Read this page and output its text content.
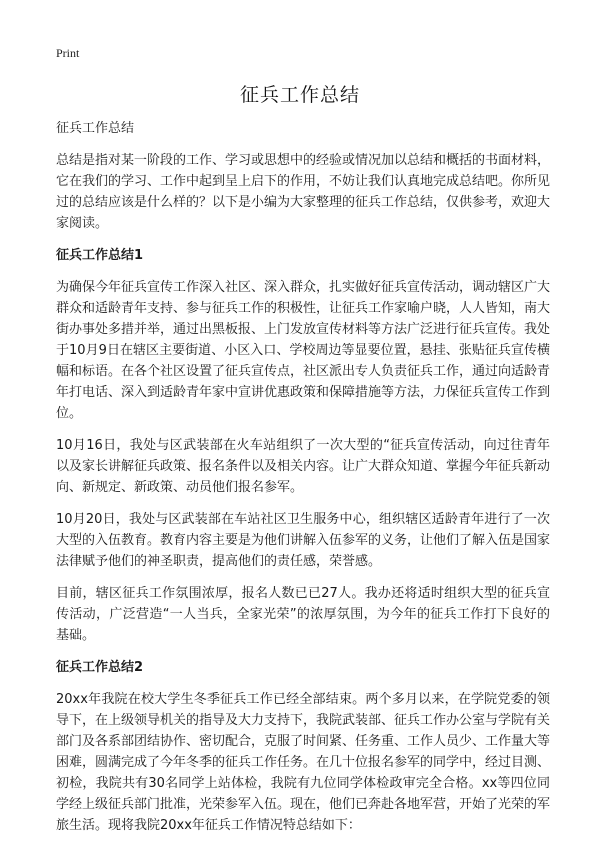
Print
征兵工作总结

征兵工作总结

总结是指对某一阶段的工作、学习或思想中的经验或情况加以总结和概括的书面材料，它在我们的学习、工作中起到呈上启下的作用，不妨让我们认真地完成总结吧。你所见过的总结应该是什么样的？以下是小编为大家整理的征兵工作总结，仅供参考，欢迎大家阅读。

征兵工作总结1

为确保今年征兵宣传工作深入社区、深入群众，扎实做好征兵宣传活动，调动辖区广大群众和适龄青年支持、参与征兵工作的积极性，让征兵工作家喻户晓，人人皆知，南大街办事处多措并举，通过出黑板报、上门发放宣传材料等方法广泛进行征兵宣传。我处于10月9日在辖区主要街道、小区入口、学校周边等显要位置，悬挂、张贴征兵宣传横幅和标语。在各个社区设置了征兵宣传点，社区派出专人负责征兵工作，通过向适龄青年打电话、深入到适龄青年家中宣讲优惠政策和保障措施等方法，力保征兵宣传工作到位。

10月16日，我处与区武装部在火车站组织了一次大型的“征兵宣传活动，向过往青年以及家长讲解征兵政策、报名条件以及相关内容。让广大群众知道、掌握今年征兵新动向、新规定、新政策、动员他们报名参军。

10月20日，我处与区武装部在车站社区卫生服务中心，组织辖区适龄青年进行了一次大型的入伍教育。教育内容主要是为他们讲解入伍参军的义务，让他们了解入伍是国家法律赋予他们的神圣职责，提高他们的责任感，荣誉感。

目前，辖区征兵工作氛围浓厚，报名人数已已27人。我办还将适时组织大型的征兵宣传活动，广泛营造“一人当兵，全家光荣”的浓厚氛围，为今年的征兵工作打下良好的基础。

征兵工作总结2

20xx年我院在校大学生冬季征兵工作已经全部结束。两个多月以来，在学院党委的领导下，在上级领导机关的指导及大力支持下，我院武装部、征兵工作办公室与学院有关部门及各系部团结协作、密切配合，克服了时间紧、任务重、工作人员少、工作量大等困难，圆满完成了今年冬季的征兵工作任务。在几十位报名参军的同学中，经过目测、初检，我院共有30名同学上站体检，我院有九位同学体检政审完全合格。xx等四位同学经上级征兵部门批准，光荣参军入伍。现在，他们已奔赴各地军营，开始了光荣的军旅生活。现将我院20xx年征兵工作情况特总结如下：
